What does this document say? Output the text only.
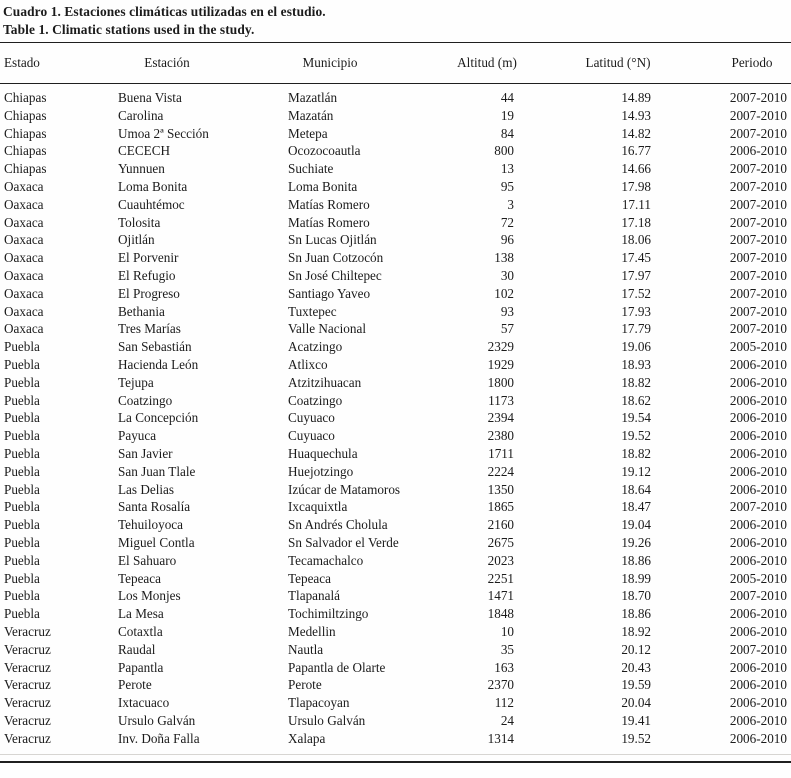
Cuadro 1. Estaciones climáticas utilizadas en el estudio.
Table 1. Climatic stations used in the study.
Estado	Estación	Municipio	Altitud (m)	Latitud (°N)	Periodo
Chiapas	Buena Vista	Mazatlán	44	14.89	2007-2010
Chiapas	Carolina	Mazatán	19	14.93	2007-2010
Chiapas	Umoa 2ª Sección	Metepa	84	14.82	2007-2010
Chiapas	CECECH	Ocozocoautla	800	16.77	2006-2010
Chiapas	Yunnuen	Suchiate	13	14.66	2007-2010
Oaxaca	Loma Bonita	Loma Bonita	95	17.98	2007-2010
Oaxaca	Cuauhtémoc	Matías Romero	3	17.11	2007-2010
Oaxaca	Tolosita	Matías Romero	72	17.18	2007-2010
Oaxaca	Ojitlán	Sn Lucas Ojitlán	96	18.06	2007-2010
Oaxaca	El Porvenir	Sn Juan Cotzocón	138	17.45	2007-2010
Oaxaca	El Refugio	Sn José Chiltepec	30	17.97	2007-2010
Oaxaca	El Progreso	Santiago Yaveo	102	17.52	2007-2010
Oaxaca	Bethania	Tuxtepec	93	17.93	2007-2010
Oaxaca	Tres Marías	Valle Nacional	57	17.79	2007-2010
Puebla	San Sebastián	Acatzingo	2329	19.06	2005-2010
Puebla	Hacienda León	Atlixco	1929	18.93	2006-2010
Puebla	Tejupa	Atzitzihuacan	1800	18.82	2006-2010
Puebla	Coatzingo	Coatzingo	1173	18.62	2006-2010
Puebla	La Concepción	Cuyuaco	2394	19.54	2006-2010
Puebla	Payuca	Cuyuaco	2380	19.52	2006-2010
Puebla	San Javier	Huaquechula	1711	18.82	2006-2010
Puebla	San Juan Tlale	Huejotzingo	2224	19.12	2006-2010
Puebla	Las Delias	Izúcar de Matamoros	1350	18.64	2006-2010
Puebla	Santa Rosalía	Ixcaquixtla	1865	18.47	2007-2010
Puebla	Tehuiloyoca	Sn Andrés Cholula	2160	19.04	2006-2010
Puebla	Miguel Contla	Sn Salvador el Verde	2675	19.26	2006-2010
Puebla	El Sahuaro	Tecamachalco	2023	18.86	2006-2010
Puebla	Tepeaca	Tepeaca	2251	18.99	2005-2010
Puebla	Los Monjes	Tlapanalá	1471	18.70	2007-2010
Puebla	La Mesa	Tochimiltzingo	1848	18.86	2006-2010
Veracruz	Cotaxtla	Medellin	10	18.92	2006-2010
Veracruz	Raudal	Nautla	35	20.12	2007-2010
Veracruz	Papantla	Papantla de Olarte	163	20.43	2006-2010
Veracruz	Perote	Perote	2370	19.59	2006-2010
Veracruz	Ixtacuaco	Tlapacoyan	112	20.04	2006-2010
Veracruz	Ursulo Galván	Ursulo Galván	24	19.41	2006-2010
Veracruz	Inv. Doña Falla	Xalapa	1314	19.52	2006-2010
